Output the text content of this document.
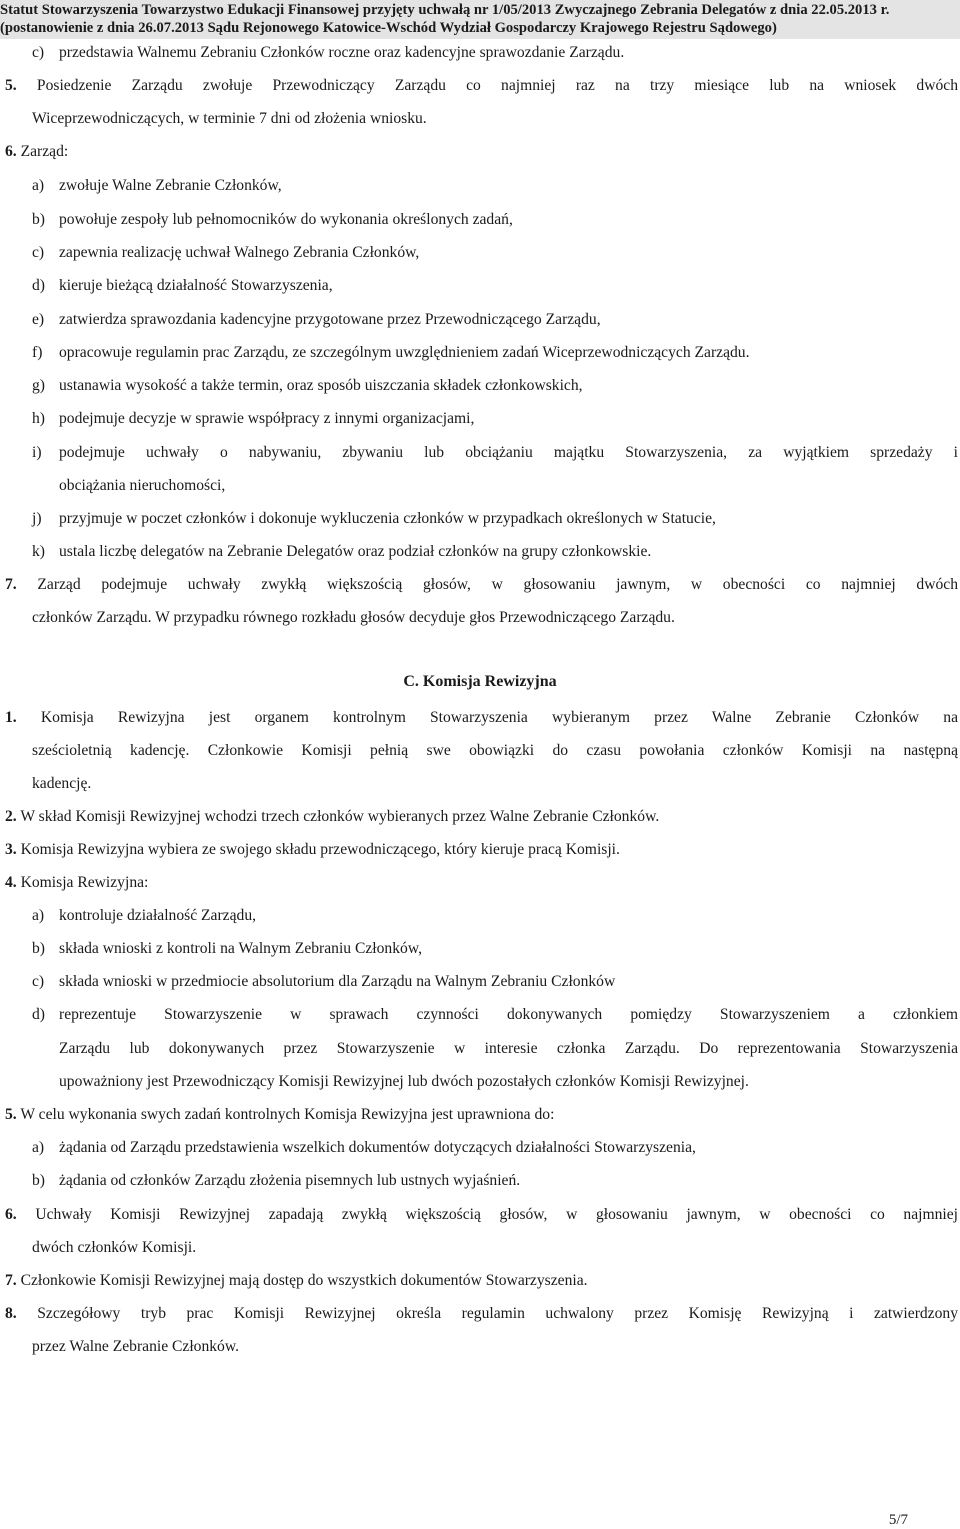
Statut Stowarzyszenia Towarzystwo Edukacji Finansowej przyjęty uchwałą nr 1/05/2013 Zwyczajnego Zebrania Delegatów z dnia 22.05.2013 r.
(postanowienie z dnia 26.07.2013 Sądu Rejonowego Katowice-Wschód Wydział Gospodarczy Krajowego Rejestru Sądowego)
c) przedstawia Walnemu Zebraniu Członków roczne oraz kadencyjne sprawozdanie Zarządu.
5. Posiedzenie Zarządu zwołuje Przewodniczący Zarządu co najmniej raz na trzy miesiące lub na wniosek dwóch
Wiceprzewodniczących, w terminie 7 dni od złożenia wniosku.
6. Zarząd:
a) zwołuje Walne Zebranie Członków,
b) powołuje zespoły lub pełnomocników do wykonania określonych zadań,
c) zapewnia realizację uchwał Walnego Zebrania Członków,
d) kieruje bieżącą działalność Stowarzyszenia,
e) zatwierdza sprawozdania kadencyjne przygotowane przez Przewodniczącego Zarządu,
f) opracowuje regulamin prac Zarządu, ze szczególnym uwzględnieniem zadań Wiceprzewodniczących Zarządu.
g) ustanawia wysokość a także termin, oraz sposób uiszczania składek członkowskich,
h) podejmuje decyzje w sprawie współpracy z innymi organizacjami,
i) podejmuje uchwały o nabywaniu, zbywaniu lub obciążaniu majątku Stowarzyszenia, za wyjątkiem sprzedaży i
obciążania nieruchomości,
j) przyjmuje w poczet członków i dokonuje wykluczenia członków w przypadkach określonych w Statucie,
k) ustala liczbę delegatów na Zebranie Delegatów oraz podział członków na grupy członkowskie.
7. Zarząd podejmuje uchwały zwykłą większością głosów, w głosowaniu jawnym, w obecności co najmniej dwóch
członków Zarządu. W przypadku równego rozkładu głosów decyduje głos Przewodniczącego Zarządu.
C. Komisja Rewizyjna
1. Komisja Rewizyjna jest organem kontrolnym Stowarzyszenia wybieranym przez Walne Zebranie Członków na
sześcioletnią kadencję. Członkowie Komisji pełnią swe obowiązki do czasu powołania członków Komisji na następną
kadencję.
2. W skład Komisji Rewizyjnej wchodzi trzech członków wybieranych przez Walne Zebranie Członków.
3. Komisja Rewizyjna wybiera ze swojego składu przewodniczącego, który kieruje pracą Komisji.
4. Komisja Rewizyjna:
a) kontroluje działalność Zarządu,
b) składa wnioski z kontroli na Walnym Zebraniu Członków,
c) składa wnioski w przedmiocie absolutorium dla Zarządu na Walnym Zebraniu Członków
d) reprezentuje Stowarzyszenie w sprawach czynności dokonywanych pomiędzy Stowarzyszeniem a członkiem
Zarządu lub dokonywanych przez Stowarzyszenie w interesie członka Zarządu. Do reprezentowania Stowarzyszenia
upoważniony jest Przewodniczący Komisji Rewizyjnej lub dwóch pozostałych członków Komisji Rewizyjnej.
5. W celu wykonania swych zadań kontrolnych Komisja Rewizyjna jest uprawniona do:
a) żądania od Zarządu przedstawienia wszelkich dokumentów dotyczących działalności Stowarzyszenia,
b) żądania od członków Zarządu złożenia pisemnych lub ustnych wyjaśnień.
6. Uchwały Komisji Rewizyjnej zapadają zwykłą większością głosów, w głosowaniu jawnym, w obecności co najmniej
dwóch członków Komisji.
7. Członkowie Komisji Rewizyjnej mają dostęp do wszystkich dokumentów Stowarzyszenia.
8. Szczegółowy tryb prac Komisji Rewizyjnej określa regulamin uchwalony przez Komisję Rewizyjną i zatwierdzony
przez Walne Zebranie Członków.
5/7
